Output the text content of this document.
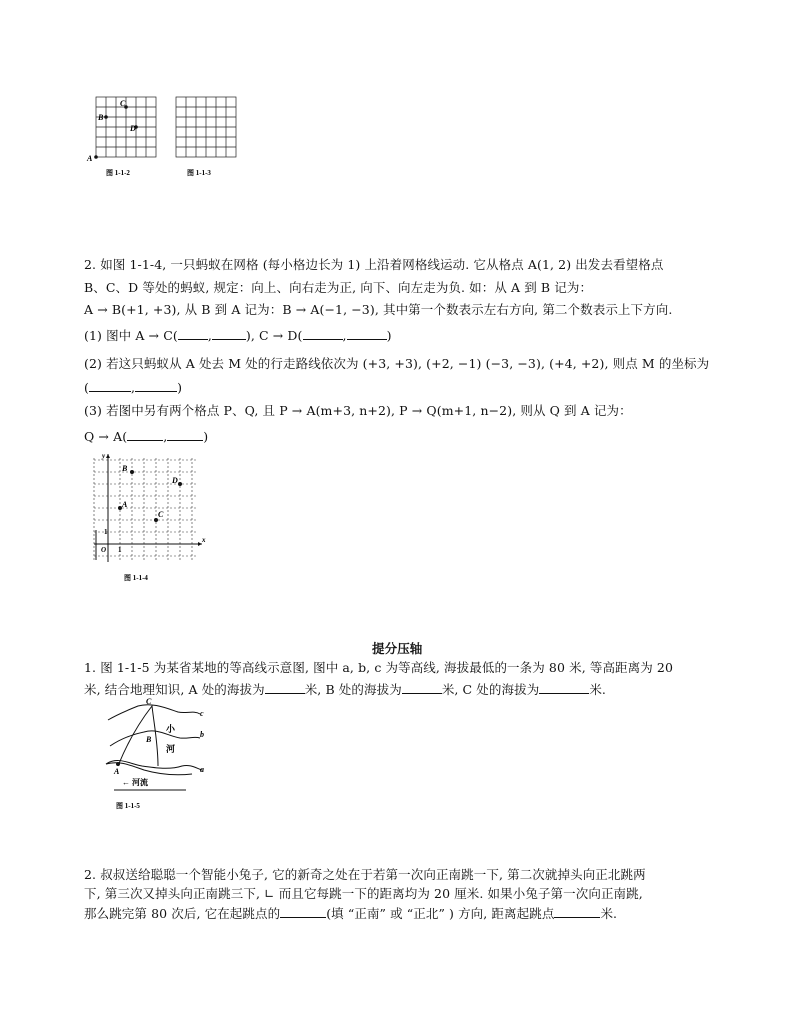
A
B
C
D
图 1-1-2	图 1-1-3
2. 如图 1-1-4, 一只蚂蚁在网格 (每小格边长为 1) 上沿着网格线运动. 它从格点 A(1, 2) 出发去看望格点
B、C、D 等处的蚂蚁, 规定：向上、向右走为正, 向下、向左走为负. 如：从 A 到 B 记为：
A → B(+1, +3), 从 B 到 A 记为：B → A(−1, −3), 其中第一个数表示左右方向, 第二个数表示上下方向.
(1) 图中 A → C( ,	), C → D(	,	)
(2) 若这只蚂蚁从 A 处去 M 处的行走路线依次为 (+3, +3), (+2, −1) (−3, −3), (+4, +2), 则点 M 的坐标为
(	,	)
(3) 若图中另有两个格点 P、Q, 且 P → A(m+3, n+2), P → Q(m+1, n−2), 则从 Q 到 A 记为：
Q → A(	,	)
x
y
O 1
1
A
B
C
D
图 1-1-4
提分压轴
1. 图 1-1-5 为某省某地的等高线示意图, 图中 a, b, c 为等高线, 海拔最低的一条为 80 米, 等高距离为 20
米, 结合地理知识, A 处的海拔为	米, B 处的海拔为	米, C 处的海拔为	米.
C
B
A
c
b
a
小
河
← 河流
图 1-1-5
2. 叔叔送给聪聪一个智能小兔子, 它的新奇之处在于若第一次向正南跳一下, 第二次就掉头向正北跳两
下, 第三次又掉头向正南跳三下, ∟ 而且它每跳一下的距离均为 20 厘米. 如果小兔子第一次向正南跳,
那么跳完第 80 次后, 它在起跳点的	(填 “正南” 或 “正北” ) 方向, 距离起跳点	米.
